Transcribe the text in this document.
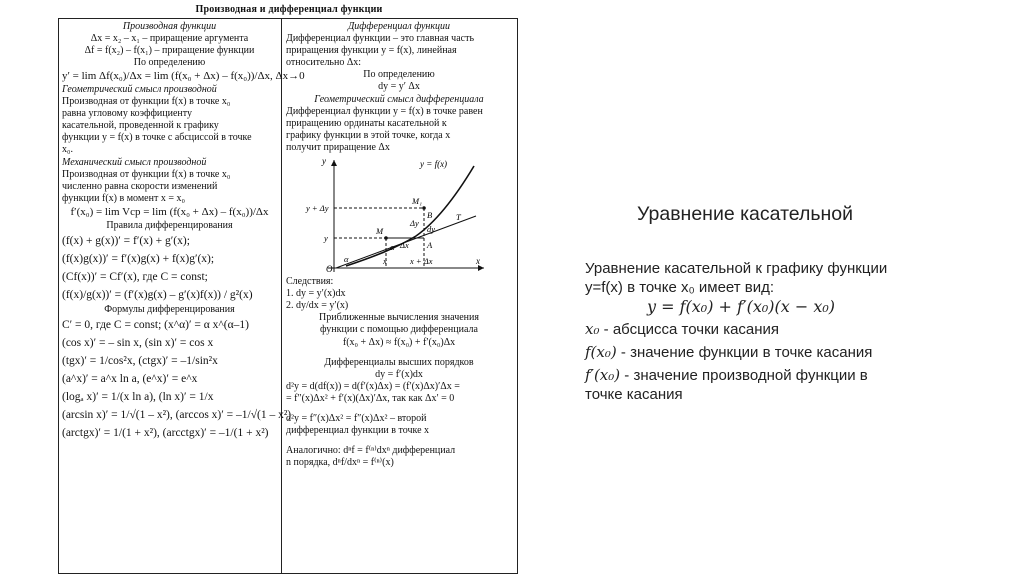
Производная и дифференциал функции
Производная функции
Δx = x₂ – x₁ – приращение аргумента
Δf = f(x₂) – f(x₁) – приращение функции
По определению
y′ = lim Δf(x₀)/Δx = lim (f(x₀ + Δx) – f(x₀))/Δx, Δx→0
Геометрический смысл производной
Производная от функции f(x) в точке x₀
равна угловому коэффициенту
касательной, проведенной к графику
функции y = f(x) в точке с абсциссой в точке
x₀.
Механический смысл производной
Производная от функции f(x) в точке x₀
численно равна скорости изменений
функции f(x) в момент x = x₀
f′(x₀) = lim Vср = lim (f(x₀ + Δx) – f(x₀))/Δx
Правила дифференцирования
(f(x) + g(x))′ = f′(x) + g′(x);
(f(x)g(x))′ = f′(x)g(x) + f(x)g′(x);
(Cf(x))′ = Cf′(x), где C = const;
(f(x)/g(x))′ = (f′(x)g(x) – g′(x)f(x)) / g²(x)
Формулы дифференцирования
C′ = 0, где C = const; (x^α)′ = α x^(α–1)
(cos x)′ = – sin x, (sin x)′ = cos x
(tgx)′ = 1/cos²x, (ctgx)′ = –1/sin²x
(a^x)′ = a^x ln a, (e^x)′ = e^x
(logₐ x)′ = 1/(x ln a), (ln x)′ = 1/x
(arcsin x)′ = 1/√(1 – x²), (arccos x)′ = –1/√(1 – x²)
(arctgx)′ = 1/(1 + x²), (arcctgx)′ = –1/(1 + x²)
Дифференциал функции
Дифференциал функции – это главная часть
приращения функции y = f(x), линейная
относительно Δx:
По определению
dy = y′ Δx
Геометрический смысл дифференциала
Дифференциал функции y = f(x) в точке равен
приращению ординаты касательной к
графику функции в этой точке, когда x
получит приращение Δx
y = f(x)
y
x
O
y + Δy
y
x	x + Δx
α
α
M
M₁
A
B	T
dy
Δy
Δx
Следствия:
1. dy = y′(x)dx
2. dy/dx = y′(x)
Приближенные вычисления значения
функции с помощью дифференциала
f(x₀ + Δx) ≈ f(x₀) + f′(x₀)Δx
Дифференциалы высших порядков
dy = f′(x)dx
d²y = d(df(x)) = d(f′(x)Δx) = (f′(x)Δx)′Δx =
= f″(x)Δx² + f′(x)(Δx)′Δx, так как Δx′ = 0
d²y = f″(x)Δx² = f″(x)Δx² – второй
дифференциал функции в точке x
Аналогично: dⁿf = f⁽ⁿ⁾dxⁿ дифференциал
n порядка, dⁿf/dxⁿ = f⁽ⁿ⁾(x)
Уравнение касательной
Уравнение касательной к графику функции
y=f(x) в точке x₀ имеет вид:
y = f(x₀) + f′(x₀)(x − x₀)
x₀ - абсцисса точки касания
f(x₀) - значение функции в точке касания
f′(x₀) - значение производной функции в
точке касания
